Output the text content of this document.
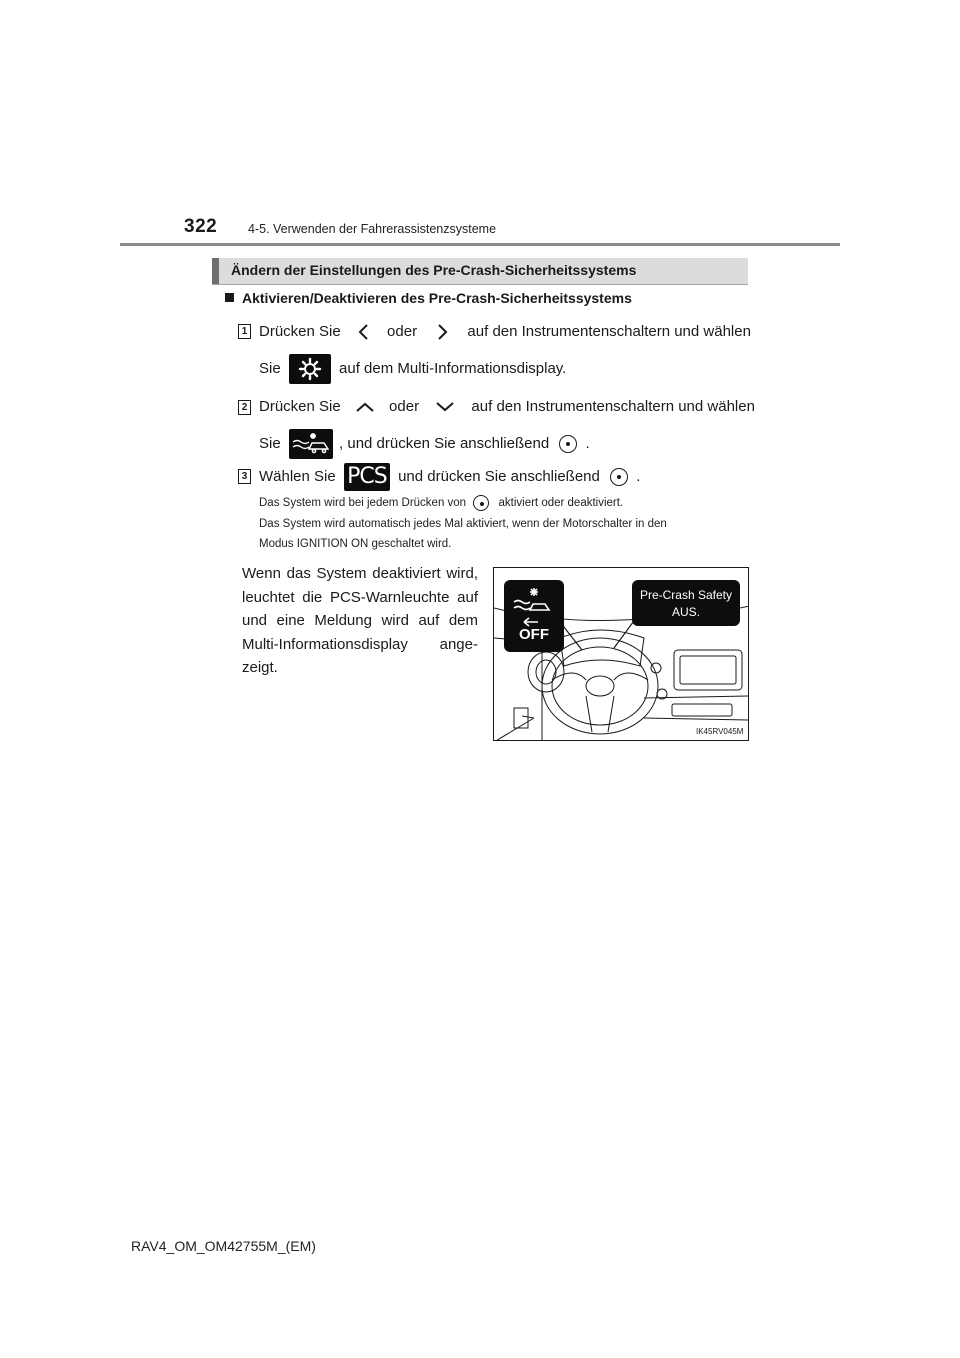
322 4-5. Verwenden der Fahrerassistenzsysteme
Ändern der Einstellungen des Pre-Crash-Sicherheitssystems
Aktivieren/Deaktivieren des Pre-Crash-Sicherheitssystems
1 Drücken Sie	oder	auf den Instrumentenschaltern und wählen
Sie	auf dem Multi-Informationsdisplay.
2 Drücken Sie	oder	auf den Instrumentenschaltern und wählen
Sie	, und drücken Sie anschließend .
3 Wählen Sie PCS und drücken Sie anschließend .
Das System wird bei jedem Drücken von	aktiviert oder deaktiviert.
Das System wird automatisch jedes Mal aktiviert, wenn der Motorschalter in den
Modus IGNITION ON geschaltet wird.
Wenn das System deaktiviert wird,
leuchtet die PCS-Warnleuchte auf
und eine Meldung wird auf dem
Multi-Informationsdisplay ange-
zeigt.
OFF
Pre-Crash Safety
AUS.
IK45RV045M
RAV4_OM_OM42755M_(EM)
